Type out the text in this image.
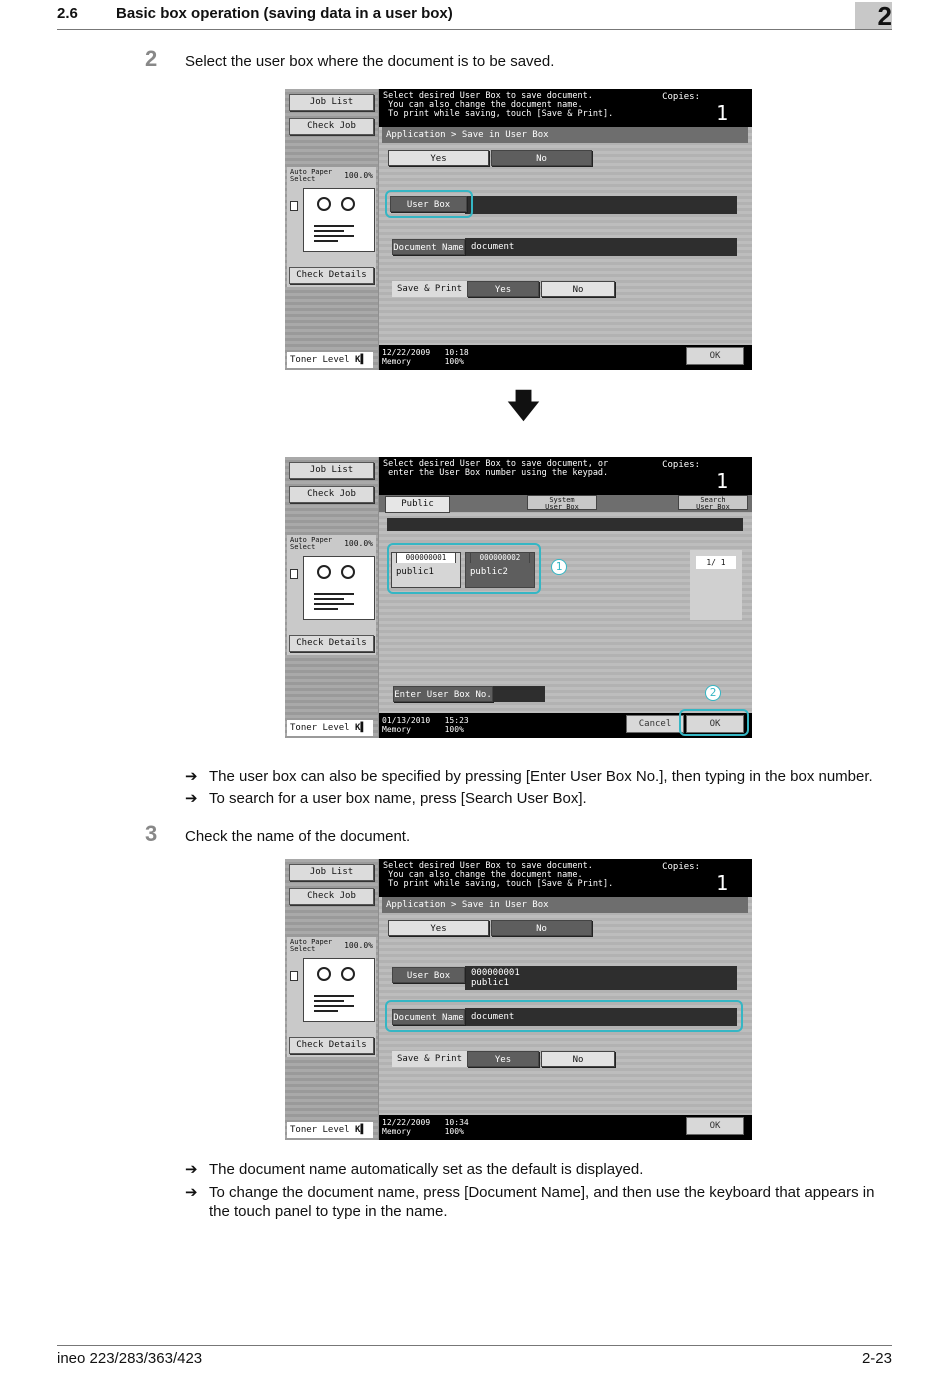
2.6	Basic box operation (saving data in a user box)	2
2 Select the user box where the document is to be saved.
Job List
Check Job
Auto Paper
Select	100.0%
Check Details
Toner Level K▌
Select desired User Box to save document.
You can also change the document name.
To print while saving, touch [Save & Print].
Copies:
1
Application > Save in User Box
Yes	No
User Box
document
Document Name
Save & Print	Yes	No
12/22/2009   10:18
Memory       100%
OK
🡇
Job List
Check Job
Auto Paper
Select	100.0%
Check Details
Toner Level K▌
Select desired User Box to save document, or
enter the User Box number using the keypad.
Copies:
1
Public	System
User Box
Search
User Box
000000001
public1
000000002
public2	1	1/ 1
Enter User Box No.	2
01/13/2010   15:23
Memory       100%
Cancel	OK
➔ The user box can also be specified by pressing [Enter User Box No.], then typing in the box number.
➔ To search for a user box name, press [Search User Box].
3 Check the name of the document.
Job List
Check Job
Auto Paper
Select	100.0%
Check Details
Toner Level K▌
Select desired User Box to save document.
You can also change the document name.
To print while saving, touch [Save & Print].
Copies:
1
Application > Save in User Box
Yes	No
000000001
public1
User Box
document
Document Name
Save & Print	Yes	No
12/22/2009   10:34
Memory       100%
OK
➔ The document name automatically set as the default is displayed.
➔ To change the document name, press [Document Name], and then use the keyboard that appears in the touch panel to type in the name.
ineo 223/283/363/423	2-23
